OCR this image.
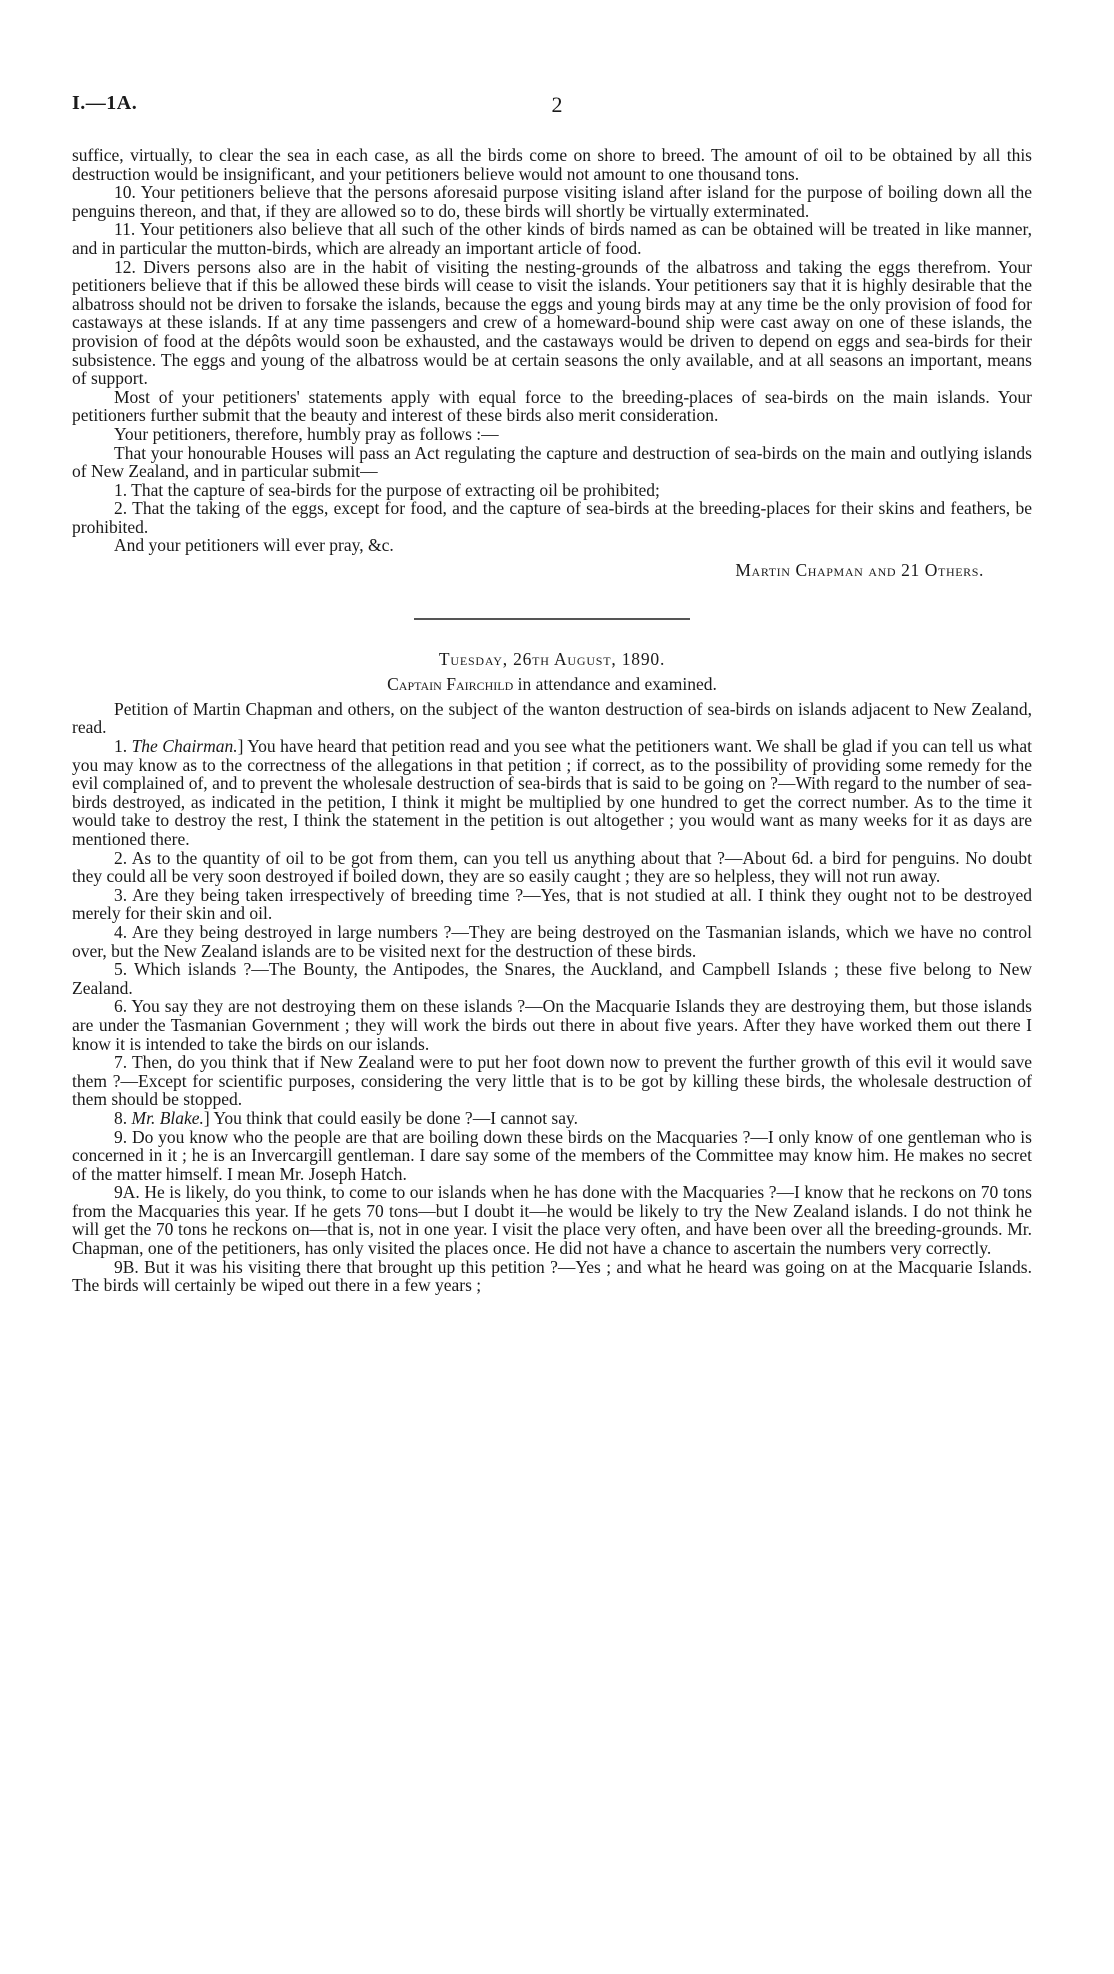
I.—1A.	2

suffice, virtually, to clear the sea in each case, as all the birds come on shore to breed. The amount of oil to be obtained by all this destruction would be insignificant, and your petitioners believe would not amount to one thousand tons.

10. Your petitioners believe that the persons aforesaid purpose visiting island after island for the purpose of boiling down all the penguins thereon, and that, if they are allowed so to do, these birds will shortly be virtually exterminated.

11. Your petitioners also believe that all such of the other kinds of birds named as can be obtained will be treated in like manner, and in particular the mutton-birds, which are already an important article of food.

12. Divers persons also are in the habit of visiting the nesting-grounds of the albatross and taking the eggs therefrom. Your petitioners believe that if this be allowed these birds will cease to visit the islands. Your petitioners say that it is highly desirable that the albatross should not be driven to forsake the islands, because the eggs and young birds may at any time be the only provision of food for castaways at these islands. If at any time passengers and crew of a homeward-bound ship were cast away on one of these islands, the provision of food at the dépôts would soon be exhausted, and the castaways would be driven to depend on eggs and sea-birds for their subsistence. The eggs and young of the albatross would be at certain seasons the only available, and at all seasons an important, means of support.

Most of your petitioners' statements apply with equal force to the breeding-places of sea-birds on the main islands. Your petitioners further submit that the beauty and interest of these birds also merit consideration.

Your petitioners, therefore, humbly pray as follows :—

That your honourable Houses will pass an Act regulating the capture and destruction of sea-birds on the main and outlying islands of New Zealand, and in particular submit—

1. That the capture of sea-birds for the purpose of extracting oil be prohibited;

2. That the taking of the eggs, except for food, and the capture of sea-birds at the breeding-places for their skins and feathers, be prohibited.

And your petitioners will ever pray, &c.

Martin Chapman and 21 Others.

Tuesday, 26th August, 1890.

Captain Fairchild in attendance and examined.

Petition of Martin Chapman and others, on the subject of the wanton destruction of sea-birds on islands adjacent to New Zealand, read.

1. The Chairman.] You have heard that petition read and you see what the petitioners want. We shall be glad if you can tell us what you may know as to the correctness of the allegations in that petition ; if correct, as to the possibility of providing some remedy for the evil complained of, and to prevent the wholesale destruction of sea-birds that is said to be going on ?—With regard to the number of sea-birds destroyed, as indicated in the petition, I think it might be multiplied by one hundred to get the correct number. As to the time it would take to destroy the rest, I think the statement in the petition is out altogether ; you would want as many weeks for it as days are mentioned there.

2. As to the quantity of oil to be got from them, can you tell us anything about that ?—About 6d. a bird for penguins. No doubt they could all be very soon destroyed if boiled down, they are so easily caught ; they are so helpless, they will not run away.

3. Are they being taken irrespectively of breeding time ?—Yes, that is not studied at all. I think they ought not to be destroyed merely for their skin and oil.

4. Are they being destroyed in large numbers ?—They are being destroyed on the Tasmanian islands, which we have no control over, but the New Zealand islands are to be visited next for the destruction of these birds.

5. Which islands ?—The Bounty, the Antipodes, the Snares, the Auckland, and Campbell Islands ; these five belong to New Zealand.

6. You say they are not destroying them on these islands ?—On the Macquarie Islands they are destroying them, but those islands are under the Tasmanian Government ; they will work the birds out there in about five years. After they have worked them out there I know it is intended to take the birds on our islands.

7. Then, do you think that if New Zealand were to put her foot down now to prevent the further growth of this evil it would save them ?—Except for scientific purposes, considering the very little that is to be got by killing these birds, the wholesale destruction of them should be stopped.

8. Mr. Blake.] You think that could easily be done ?—I cannot say.

9. Do you know who the people are that are boiling down these birds on the Macquaries ?—I only know of one gentleman who is concerned in it ; he is an Invercargill gentleman. I dare say some of the members of the Committee may know him. He makes no secret of the matter himself. I mean Mr. Joseph Hatch.

9A. He is likely, do you think, to come to our islands when he has done with the Macquaries ?—I know that he reckons on 70 tons from the Macquaries this year. If he gets 70 tons—but I doubt it—he would be likely to try the New Zealand islands. I do not think he will get the 70 tons he reckons on—that is, not in one year. I visit the place very often, and have been over all the breeding-grounds. Mr. Chapman, one of the petitioners, has only visited the places once. He did not have a chance to ascertain the numbers very correctly.

9B. But it was his visiting there that brought up this petition ?—Yes ; and what he heard was going on at the Macquarie Islands. The birds will certainly be wiped out there in a few years ;
